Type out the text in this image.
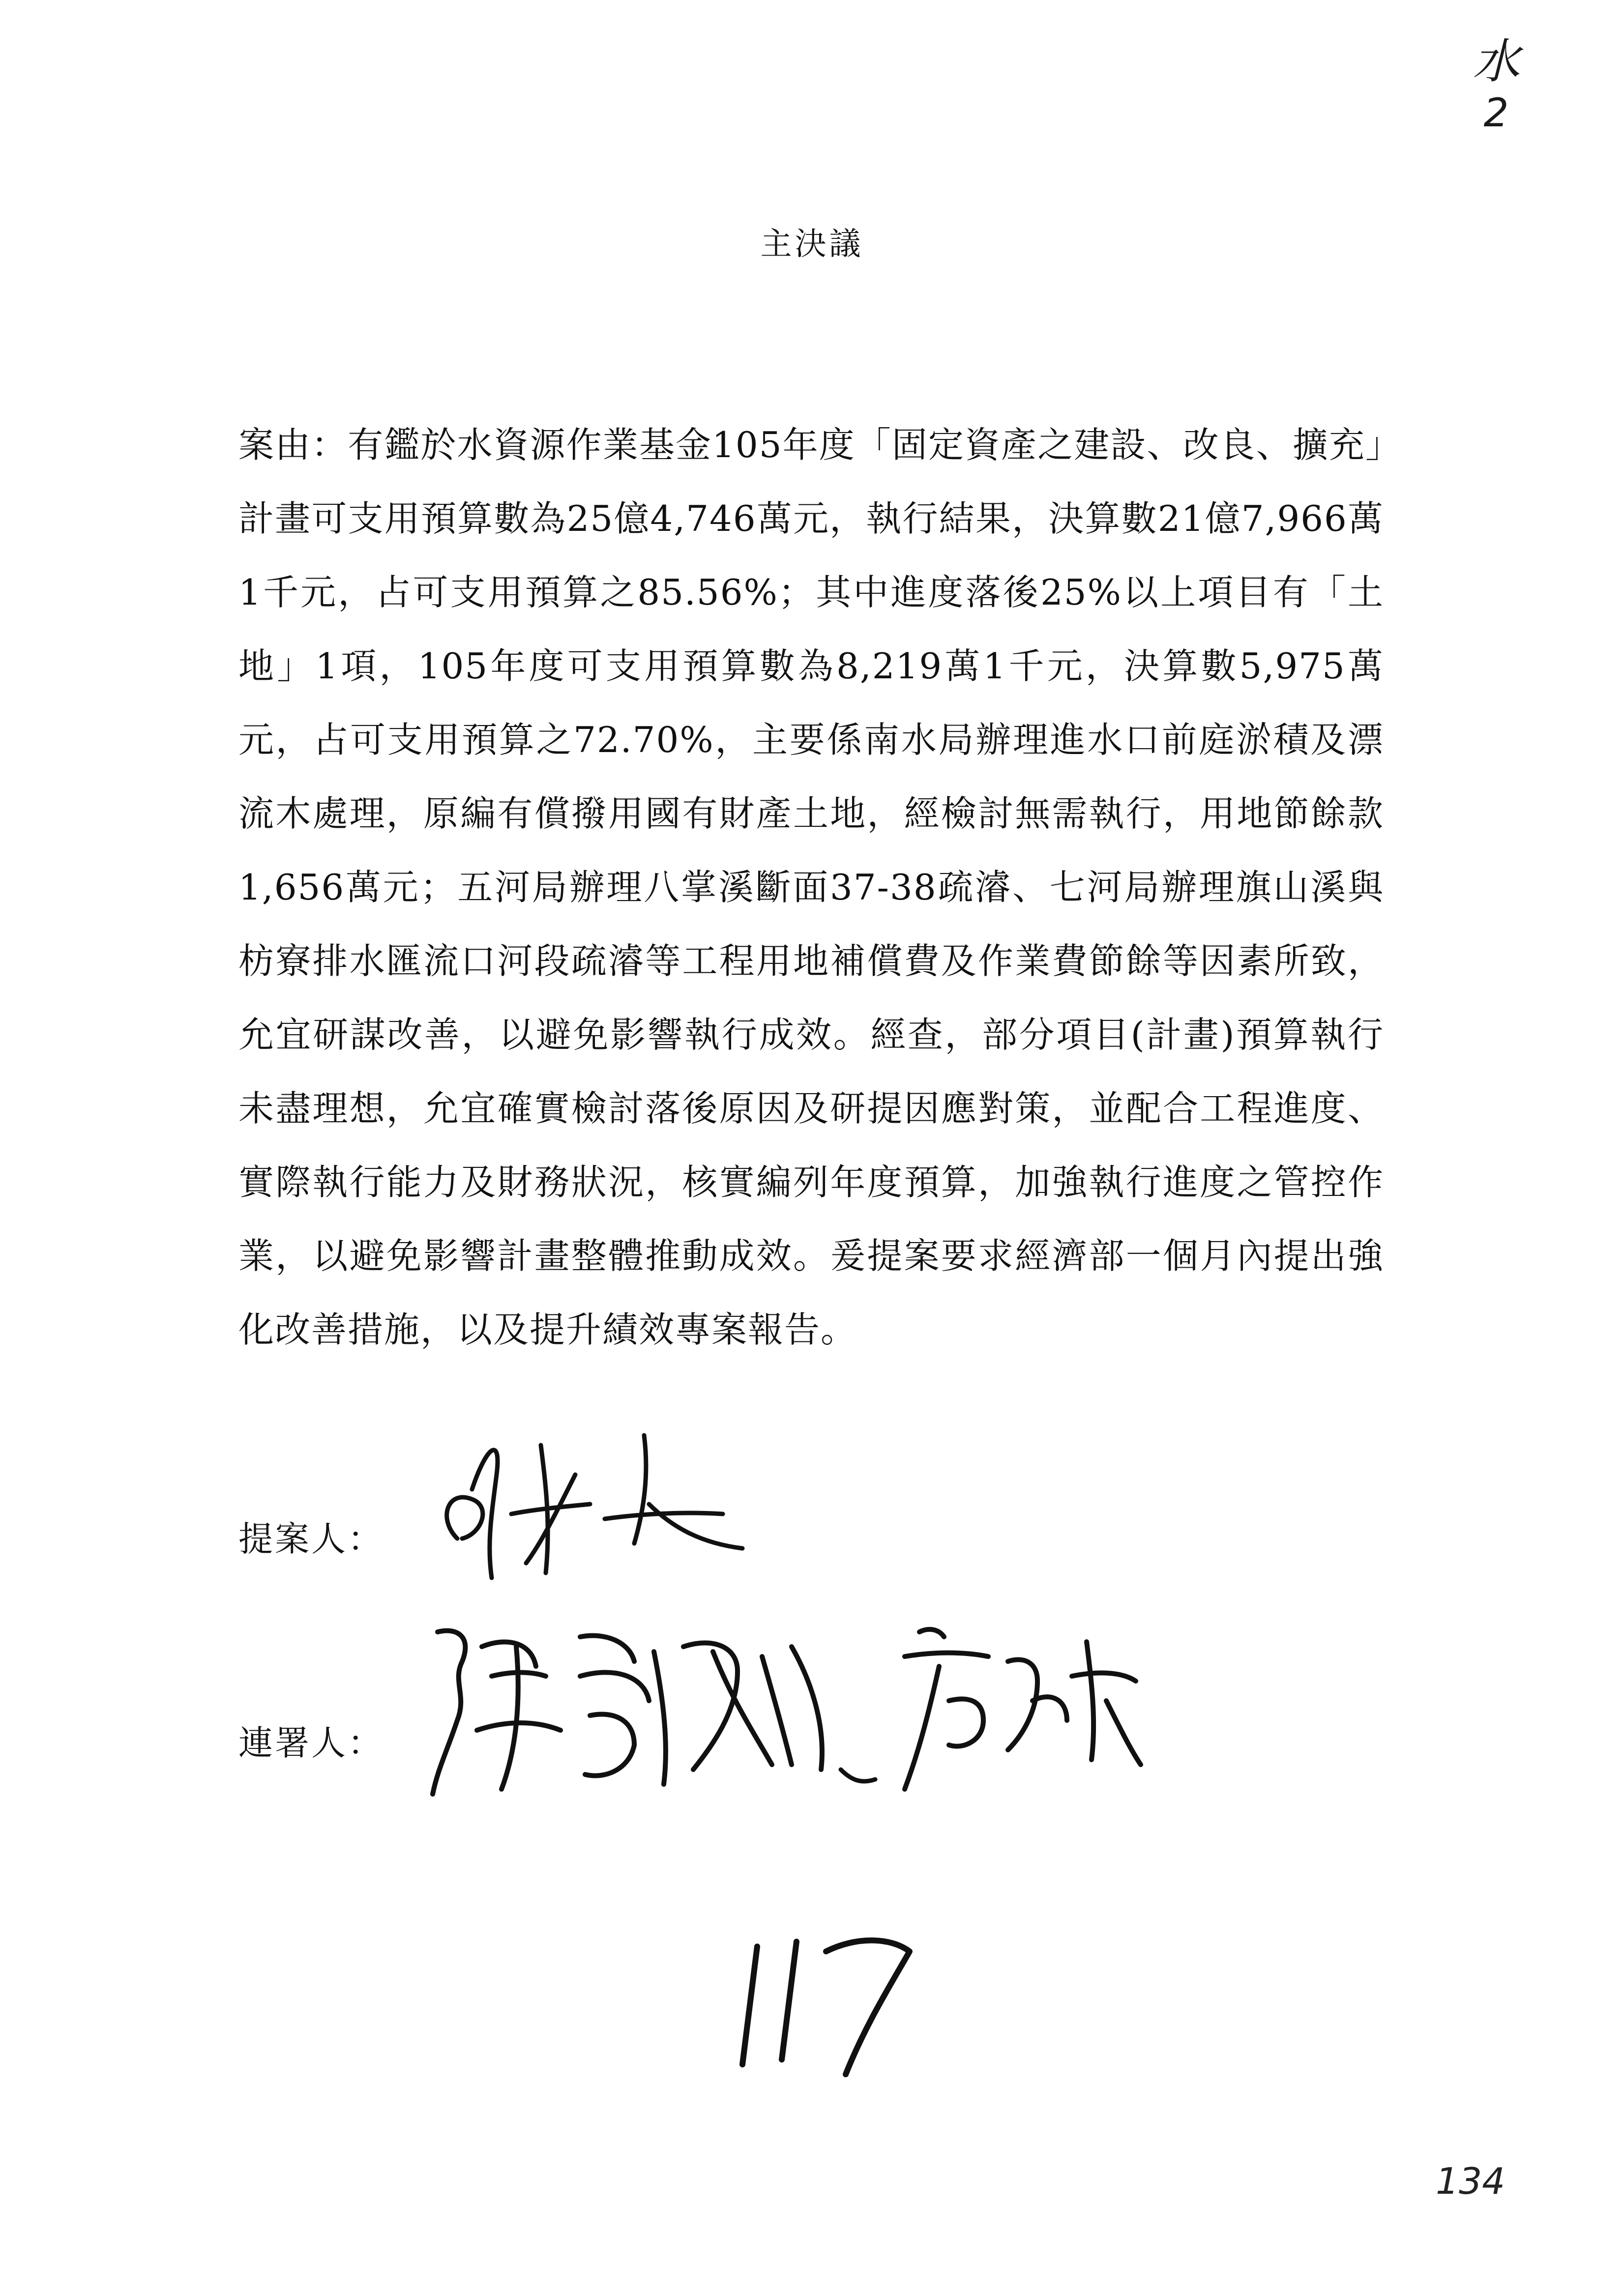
水
2
主決議

案由：有鑑於水資源作業基金105年度「固定資產之建設、改良、擴充」計畫可支用預算數為25億4,746萬元，執行結果，決算數21億7,966萬1千元，占可支用預算之85.56%；其中進度落後25%以上項目有「土地」1項，105年度可支用預算數為8,219萬1千元，決算數5,975萬元，占可支用預算之72.70%，主要係南水局辦理進水口前庭淤積及漂流木處理，原編有償撥用國有財產土地，經檢討無需執行，用地節餘款1,656萬元；五河局辦理八掌溪斷面37-38疏濬、七河局辦理旗山溪與枋寮排水匯流口河段疏濬等工程用地補償費及作業費節餘等因素所致，允宜研謀改善，以避免影響執行成效。經查，部分項目(計畫)預算執行未盡理想，允宜確實檢討落後原因及研提因應對策，並配合工程進度、實際執行能力及財務狀況，核實編列年度預算，加強執行進度之管控作業，以避免影響計畫整體推動成效。爰提案要求經濟部一個月內提出強化改善措施，以及提升績效專案報告。

提案人：
連署人：
134
